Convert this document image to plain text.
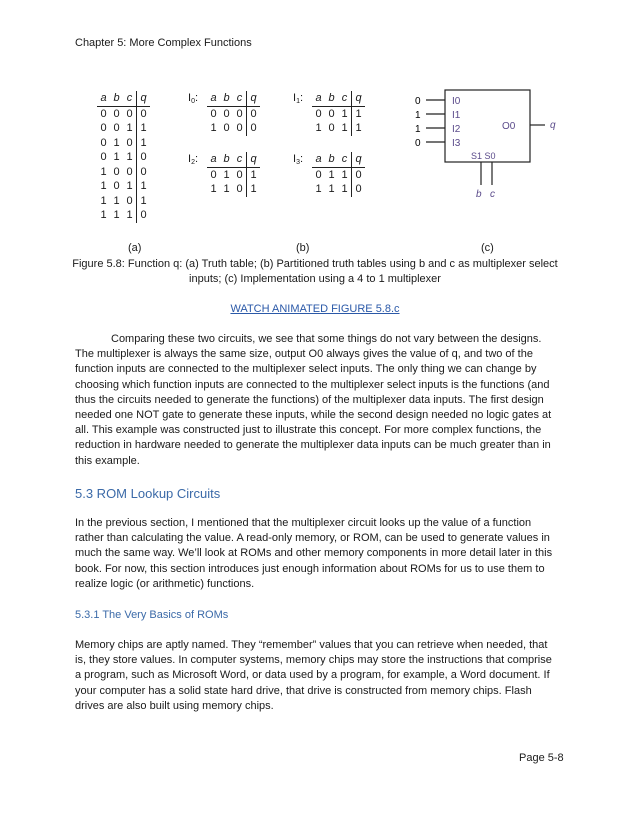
Chapter 5: More Complex Functions
a	b	c	q
0	0	0	0
0	0	1	1
0	1	0	1
0	1	1	0
1	0	0	0
1	0	1	1
1	1	0	1
1	1	1	0
$I_0$: a	b	c	q
0	0	0	0
1	0	0	0
$I_1$: a	b	c	q
0	0	1	1
1	0	1	1
$I_2$: a	b	c	q
0	1	0	1
1	1	0	1
$I_3$: a	b	c	q
0	1	1	0
1	1	1	0
0	I0
1	I1
1	I2
0	I3
O0	q
S1 S0
b c
(a)	(b)	(c)
Figure 5.8: Function q: (a) Truth table; (b) Partitioned truth tables using b and c as multiplexer select inputs; (c) Implementation using a 4 to 1 multiplexer
WATCH ANIMATED FIGURE 5.8.c

Comparing these two circuits, we see that some things do not vary between the designs. The multiplexer is always the same size, output O0 always gives the value of q, and two of the function inputs are connected to the multiplexer select inputs. The only thing we can change by choosing which function inputs are connected to the multiplexer select inputs is the functions (and thus the circuits needed to generate the functions) of the multiplexer data inputs. The first design needed one NOT gate to generate these inputs, while the second design needed no logic gates at all. This example was constructed just to illustrate this concept. For more complex functions, the reduction in hardware needed to generate the multiplexer data inputs can be much greater than in this example.

5.3 ROM Lookup Circuits

In the previous section, I mentioned that the multiplexer circuit looks up the value of a function rather than calculating the value. A read-only memory, or ROM, can be used to generate values in much the same way. We’ll look at ROMs and other memory components in more detail later in this book. For now, this section introduces just enough information about ROMs for us to use them to realize logic (or arithmetic) functions.

5.3.1 The Very Basics of ROMs

Memory chips are aptly named. They “remember” values that you can retrieve when needed, that is, they store values. In computer systems, memory chips may store the instructions that comprise a program, such as Microsoft Word, or data used by a program, for example, a Word document. If your computer has a solid state hard drive, that drive is constructed from memory chips. Flash drives are also built using memory chips.

Page 5-8
